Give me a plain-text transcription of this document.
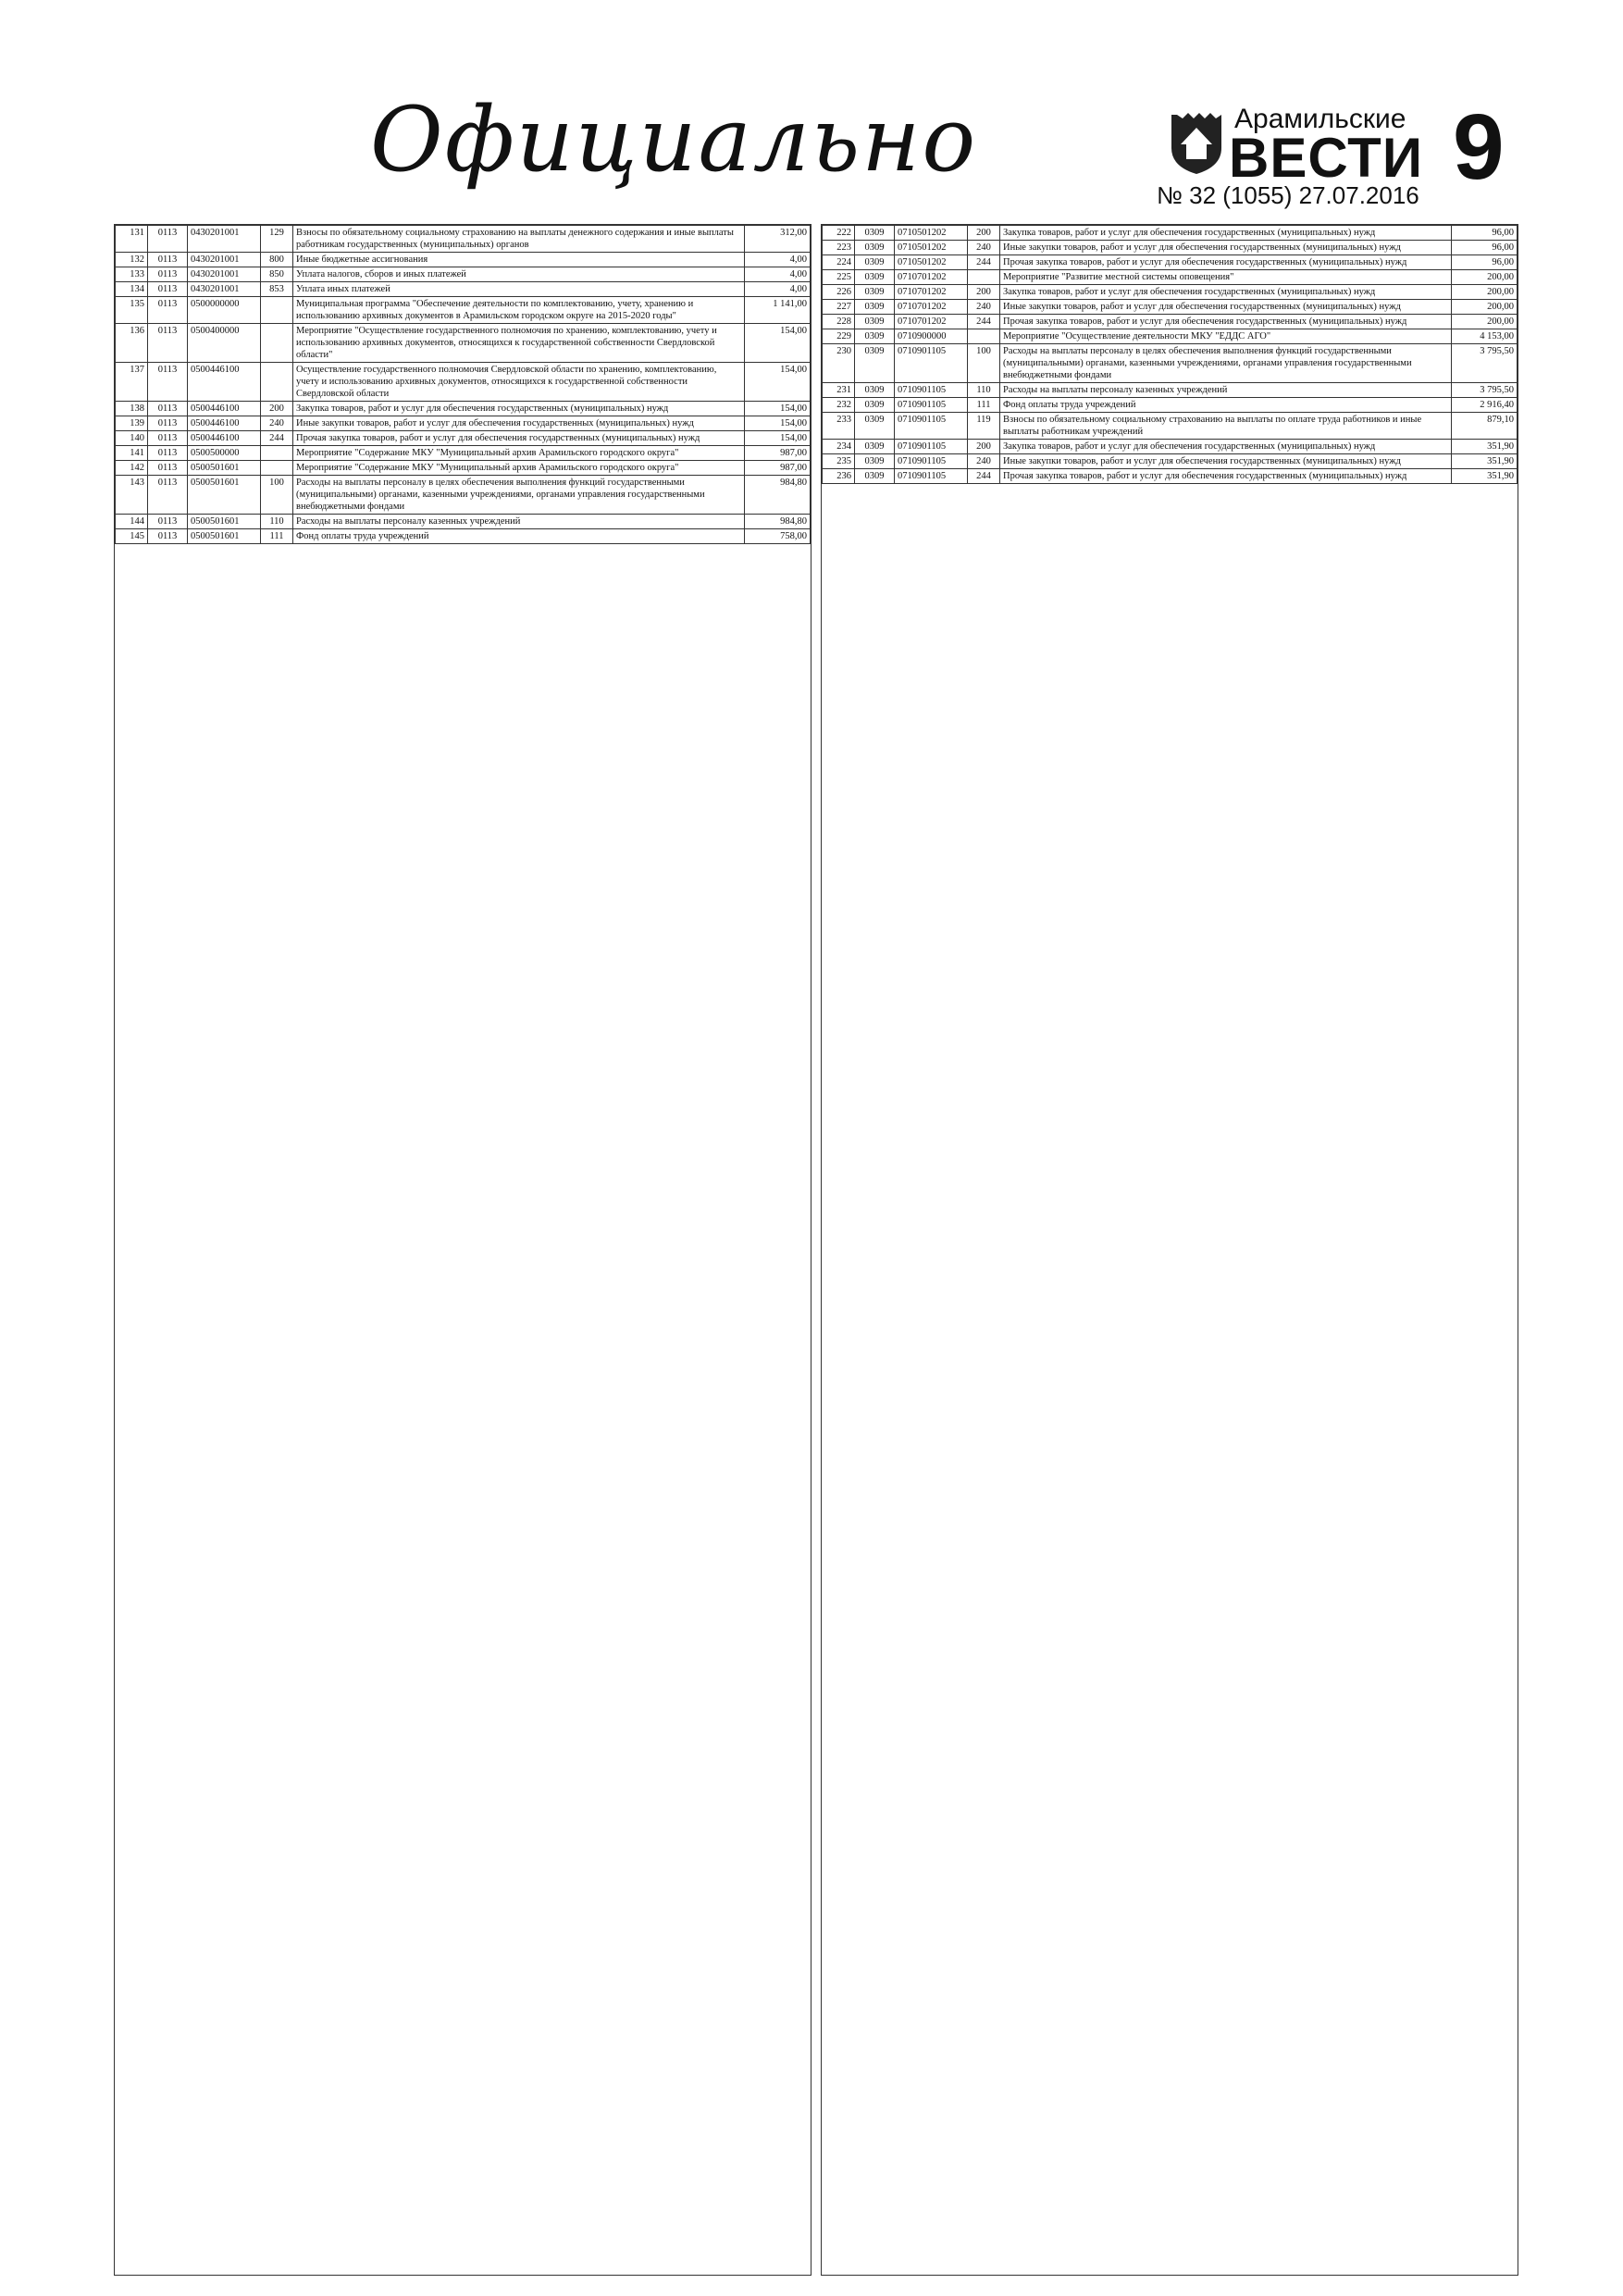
Официально	Арамильские
ВЕСТИ 9
№ 32 (1055) 27.07.2016
131	0113	0430201001	129	Взносы по обязательному социальному страхованию на выплаты денежного содержания и иные выплаты работникам государственных (муниципальных) органов	312,00
132	0113	0430201001	800	Иные бюджетные ассигнования	4,00
133	0113	0430201001	850	Уплата налогов, сборов и иных платежей	4,00
134	0113	0430201001	853	Уплата иных платежей	4,00
135	0113	0500000000		Муниципальная программа "Обеспечение деятельности по комплектованию, учету, хранению и использованию архивных документов в Арамильском городском округе на 2015-2020 годы"	1 141,00
136	0113	0500400000		Мероприятие "Осуществление государственного полномочия по хранению, комплектованию, учету и использованию архивных документов, относящихся к государственной собственности Свердловской области"	154,00
137	0113	0500446100		Осуществление государственного полномочия Свердловской области по хранению, комплектованию, учету и использованию архивных документов, относящихся к государственной собственности Свердловской области	154,00
138	0113	0500446100	200	Закупка товаров, работ и услуг для обеспечения государственных (муниципальных) нужд	154,00
139	0113	0500446100	240	Иные закупки товаров, работ и услуг для обеспечения государственных (муниципальных) нужд	154,00
140	0113	0500446100	244	Прочая закупка товаров, работ и услуг для обеспечения государственных (муниципальных) нужд	154,00
141	0113	0500500000		Мероприятие "Содержание МКУ "Муниципальный архив Арамильского городского округа"	987,00
142	0113	0500501601		Мероприятие "Содержание МКУ "Муниципальный архив Арамильского городского округа"	987,00
143	0113	0500501601	100	Расходы на выплаты персоналу в целях обеспечения выполнения функций государственными (муниципальными) органами, казенными учреждениями, органами управления государственными внебюджетными фондами	984,80
144	0113	0500501601	110	Расходы на выплаты персоналу казенных учреждений	984,80
145	0113	0500501601	111	Фонд оплаты труда учреждений	758,00
222	0309	0710501202	200	Закупка товаров, работ и услуг для обеспечения государственных (муниципальных) нужд	96,00
223	0309	0710501202	240	Иные закупки товаров, работ и услуг для обеспечения государственных (муниципальных) нужд	96,00
224	0309	0710501202	244	Прочая закупка товаров, работ и услуг для обеспечения государственных (муниципальных) нужд	96,00
225	0309	0710701202		Мероприятие "Развитие местной системы оповещения"	200,00
226	0309	0710701202	200	Закупка товаров, работ и услуг для обеспечения государственных (муниципальных) нужд	200,00
227	0309	0710701202	240	Иные закупки товаров, работ и услуг для обеспечения государственных (муниципальных) нужд	200,00
228	0309	0710701202	244	Прочая закупка товаров, работ и услуг для обеспечения государственных (муниципальных) нужд	200,00
229	0309	0710900000		Мероприятие "Осуществление деятельности МКУ "ЕДДС АГО"	4 153,00
230	0309	0710901105	100	Расходы на выплаты персоналу в целях обеспечения выполнения функций государственными (муниципальными) органами, казенными учреждениями, органами управления государственными внебюджетными фондами	3 795,50
231	0309	0710901105	110	Расходы на выплаты персоналу казенных учреждений	3 795,50
232	0309	0710901105	111	Фонд оплаты труда учреждений	2 916,40
233	0309	0710901105	119	Взносы по обязательному социальному страхованию на выплаты по оплате труда работников и иные выплаты работникам учреждений	879,10
234	0309	0710901105	200	Закупка товаров, работ и услуг для обеспечения государственных (муниципальных) нужд	351,90
235	0309	0710901105	240	Иные закупки товаров, работ и услуг для обеспечения государственных (муниципальных) нужд	351,90
236	0309	0710901105	244	Прочая закупка товаров, работ и услуг для обеспечения государственных (муниципальных) нужд	351,90
